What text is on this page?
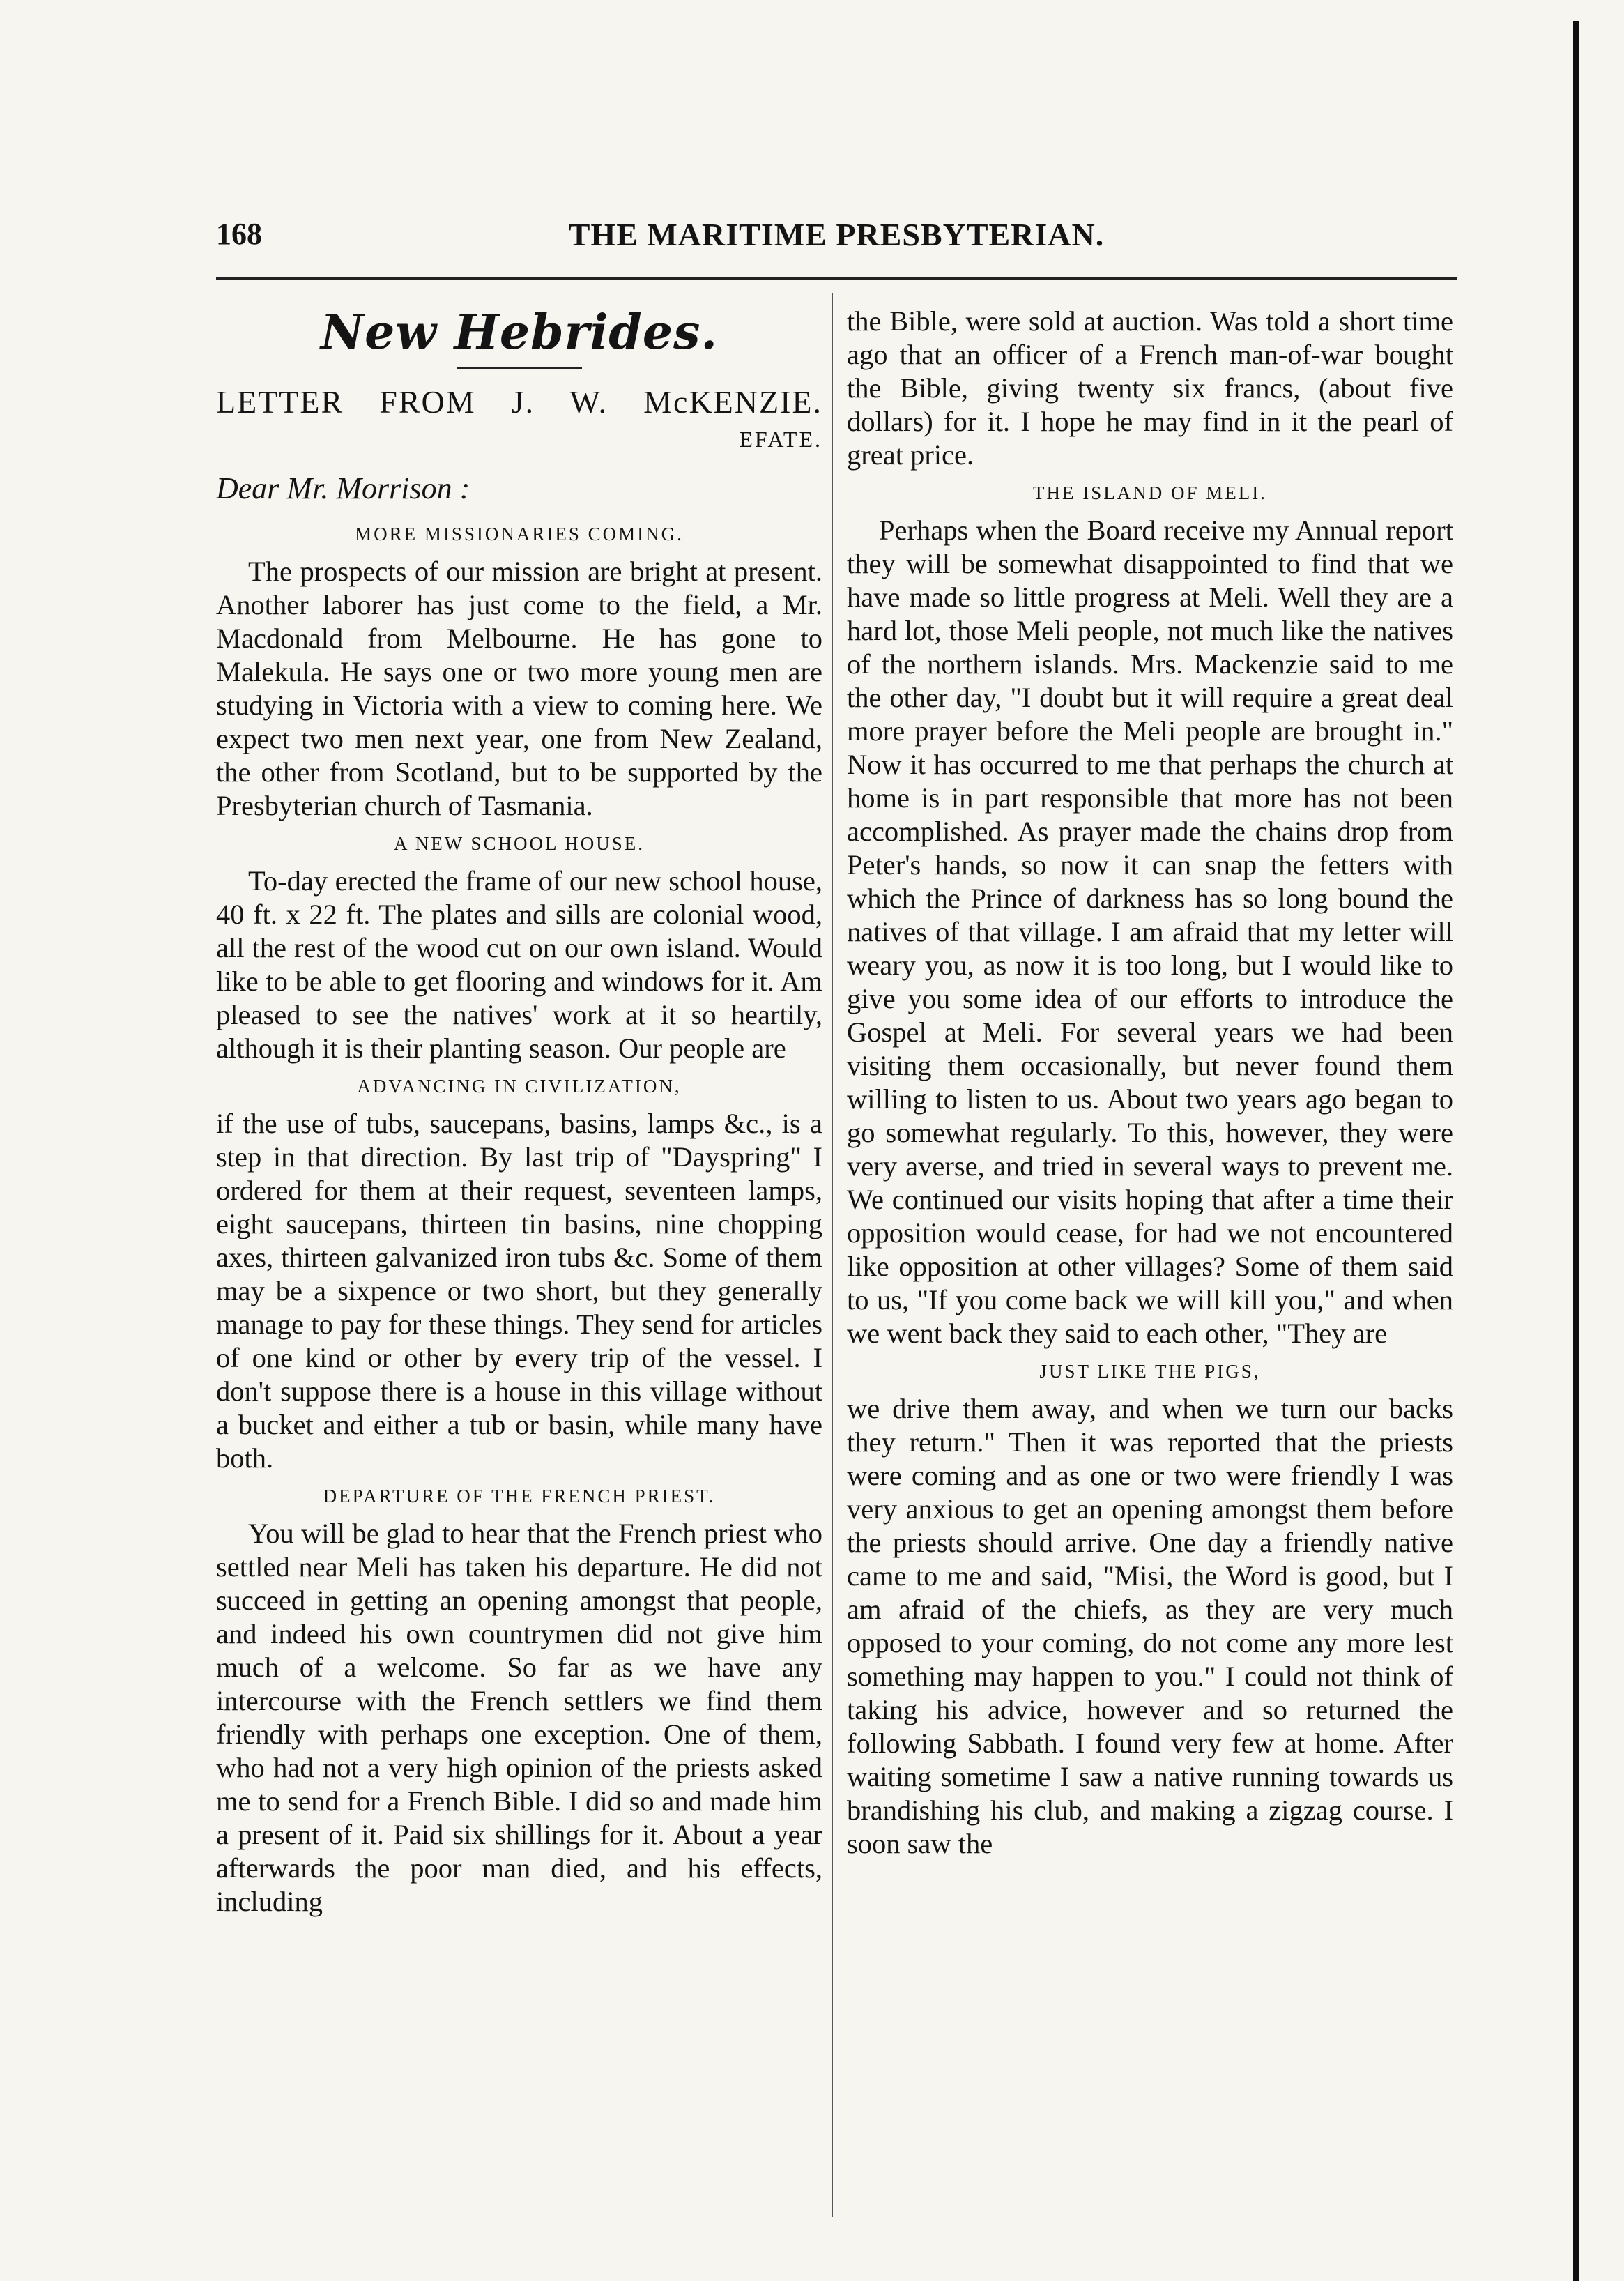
168	THE MARITIME PRESBYTERIAN.
New Hebrides.

LETTER FROM J. W. McKENZIE.

EFATE.

Dear Mr. Morrison :

MORE MISSIONARIES COMING.

The prospects of our mission are bright at present. Another laborer has just come to the field, a Mr. Macdonald from Melbourne. He has gone to Malekula. He says one or two more young men are studying in Victoria with a view to coming here. We expect two men next year, one from New Zealand, the other from Scotland, but to be supported by the Presbyterian church of Tasmania.

A NEW SCHOOL HOUSE.

To-day erected the frame of our new school house, 40 ft. x 22 ft. The plates and sills are colonial wood, all the rest of the wood cut on our own island. Would like to be able to get flooring and windows for it. Am pleased to see the natives' work at it so heartily, although it is their planting season. Our people are

ADVANCING IN CIVILIZATION,

if the use of tubs, saucepans, basins, lamps &c., is a step in that direction. By last trip of "Dayspring" I ordered for them at their request, seventeen lamps, eight saucepans, thirteen tin basins, nine chopping axes, thirteen galvanized iron tubs &c. Some of them may be a sixpence or two short, but they generally manage to pay for these things. They send for articles of one kind or other by every trip of the vessel. I don't suppose there is a house in this village without a bucket and either a tub or basin, while many have both.

DEPARTURE OF THE FRENCH PRIEST.

You will be glad to hear that the French priest who settled near Meli has taken his departure. He did not succeed in getting an opening amongst that people, and indeed his own countrymen did not give him much of a welcome. So far as we have any intercourse with the French settlers we find them friendly with perhaps one exception. One of them, who had not a very high opinion of the priests asked me to send for a French Bible. I did so and made him a present of it. Paid six shillings for it. About a year afterwards the poor man died, and his effects, including

the Bible, were sold at auction. Was told a short time ago that an officer of a French man-of-war bought the Bible, giving twenty six francs, (about five dollars) for it. I hope he may find in it the pearl of great price.

THE ISLAND OF MELI.

Perhaps when the Board receive my Annual report they will be somewhat disappointed to find that we have made so little progress at Meli. Well they are a hard lot, those Meli people, not much like the natives of the northern islands. Mrs. Mackenzie said to me the other day, "I doubt but it will require a great deal more prayer before the Meli people are brought in." Now it has occurred to me that perhaps the church at home is in part responsible that more has not been accomplished. As prayer made the chains drop from Peter's hands, so now it can snap the fetters with which the Prince of darkness has so long bound the natives of that village. I am afraid that my letter will weary you, as now it is too long, but I would like to give you some idea of our efforts to introduce the Gospel at Meli. For several years we had been visiting them occasionally, but never found them willing to listen to us. About two years ago began to go somewhat regularly. To this, however, they were very averse, and tried in several ways to prevent me. We continued our visits hoping that after a time their opposition would cease, for had we not encountered like opposition at other villages? Some of them said to us, "If you come back we will kill you," and when we went back they said to each other, "They are

JUST LIKE THE PIGS,

we drive them away, and when we turn our backs they return." Then it was reported that the priests were coming and as one or two were friendly I was very anxious to get an opening amongst them before the priests should arrive. One day a friendly native came to me and said, "Misi, the Word is good, but I am afraid of the chiefs, as they are very much opposed to your coming, do not come any more lest something may happen to you." I could not think of taking his advice, however and so returned the following Sabbath. I found very few at home. After waiting sometime I saw a native running towards us brandishing his club, and making a zigzag course. I soon saw the
